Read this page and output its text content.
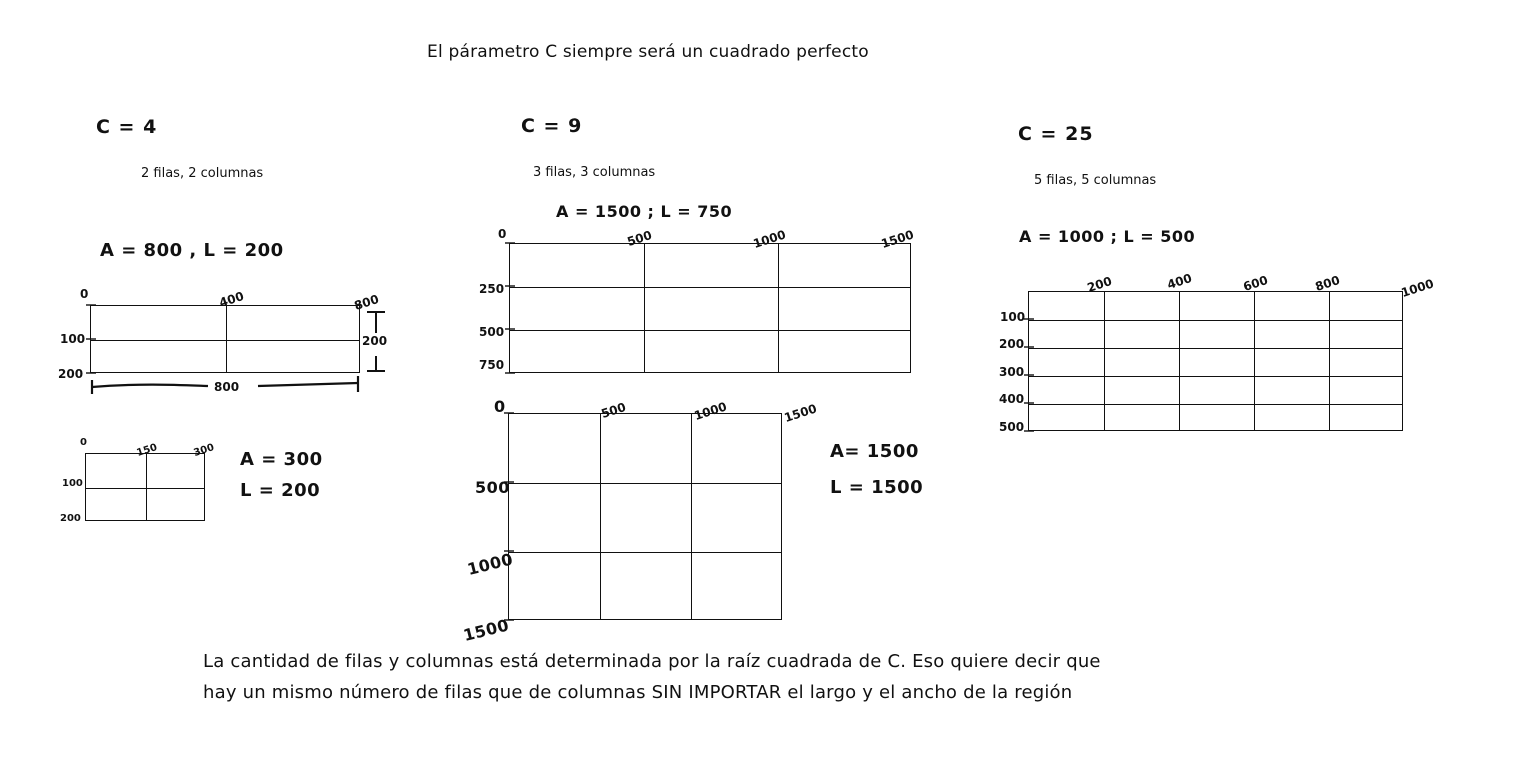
El párametro C siempre será un cuadrado perfecto
C = 4
2 filas, 2 columnas
A = 800 , L = 200
0	400	800
100
200
800
200
0	150	300
100
200
A = 300
L = 200
C = 9
3 filas, 3 columnas
A = 1500 ; L = 750
0	500	1000	1500
250
500
750
0	500	1000	1500
500
1000
1500
A= 1500
L = 1500
C = 25
5 filas, 5 columnas
A = 1000 ; L = 500
200	400	600	800	1000
100
200
300
400
500
La cantidad de filas y columnas está determinada por la raíz cuadrada de C. Eso quiere decir que
hay un mismo número de filas que de columnas SIN IMPORTAR el largo y el ancho de la región
